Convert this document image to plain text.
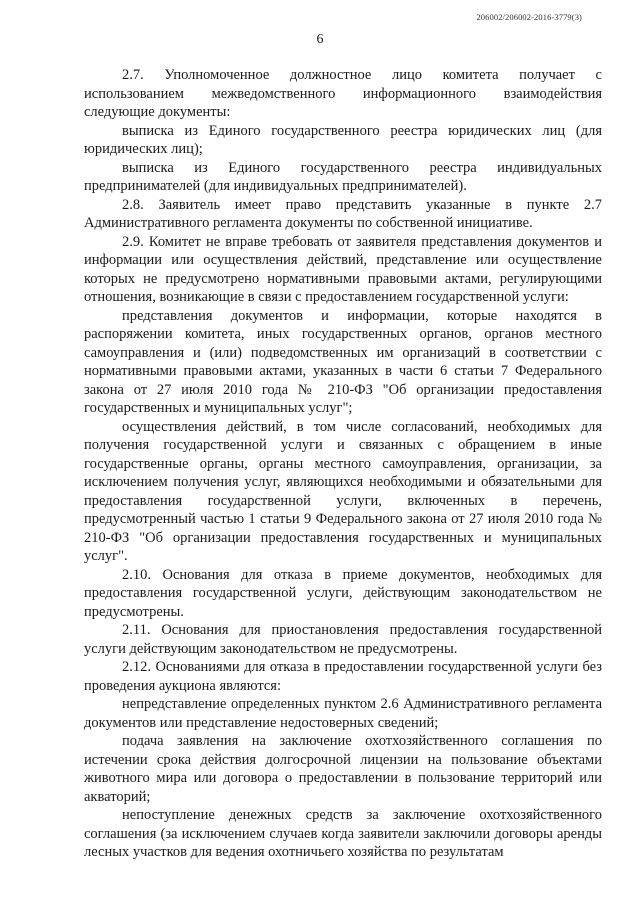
206002/206002-2016-3779(3)
6

2.7. Уполномоченное должностное лицо комитета получает с использованием межведомственного информационного взаимодействия следующие документы:

выписка из Единого государственного реестра юридических лиц (для юридических лиц);

выписка из Единого государственного реестра индивидуальных предпринимателей (для индивидуальных предпринимателей).

2.8. Заявитель имеет право представить указанные в пункте 2.7 Административного регламента документы по собственной инициативе.

2.9. Комитет не вправе требовать от заявителя представления документов и информации или осуществления действий, представление или осуществление которых не предусмотрено нормативными правовыми актами, регулирующими отношения, возникающие в связи с предоставлением государственной услуги:

представления документов и информации, которые находятся в распоряжении комитета, иных государственных органов, органов местного самоуправления и (или) подведомственных им организаций в соответствии с нормативными правовыми актами, указанных в части 6 статьи 7 Федерального закона от 27 июля 2010 года № 210-ФЗ "Об организации предоставления государственных и муниципальных услуг";

осуществления действий, в том числе согласований, необходимых для получения государственной услуги и связанных с обращением в иные государственные органы, органы местного самоуправления, организации, за исключением получения услуг, являющихся необходимыми и обязательными для предоставления государственной услуги, включенных в перечень, предусмотренный частью 1 статьи 9 Федерального закона от 27 июля 2010 года № 210-ФЗ "Об организации предоставления государственных и муниципальных услуг".

2.10. Основания для отказа в приеме документов, необходимых для предоставления государственной услуги, действующим законодательством не предусмотрены.

2.11. Основания для приостановления предоставления государственной услуги действующим законодательством не предусмотрены.

2.12. Основаниями для отказа в предоставлении государственной услуги без проведения аукциона являются:

непредставление определенных пунктом 2.6 Административного регламента документов или представление недостоверных сведений;

подача заявления на заключение охотхозяйственного соглашения по истечении срока действия долгосрочной лицензии на пользование объектами животного мира или договора о предоставлении в пользование территорий или акваторий;

непоступление денежных средств за заключение охотхозяйственного соглашения (за исключением случаев когда заявители заключили договоры аренды лесных участков для ведения охотничьего хозяйства по результатам
